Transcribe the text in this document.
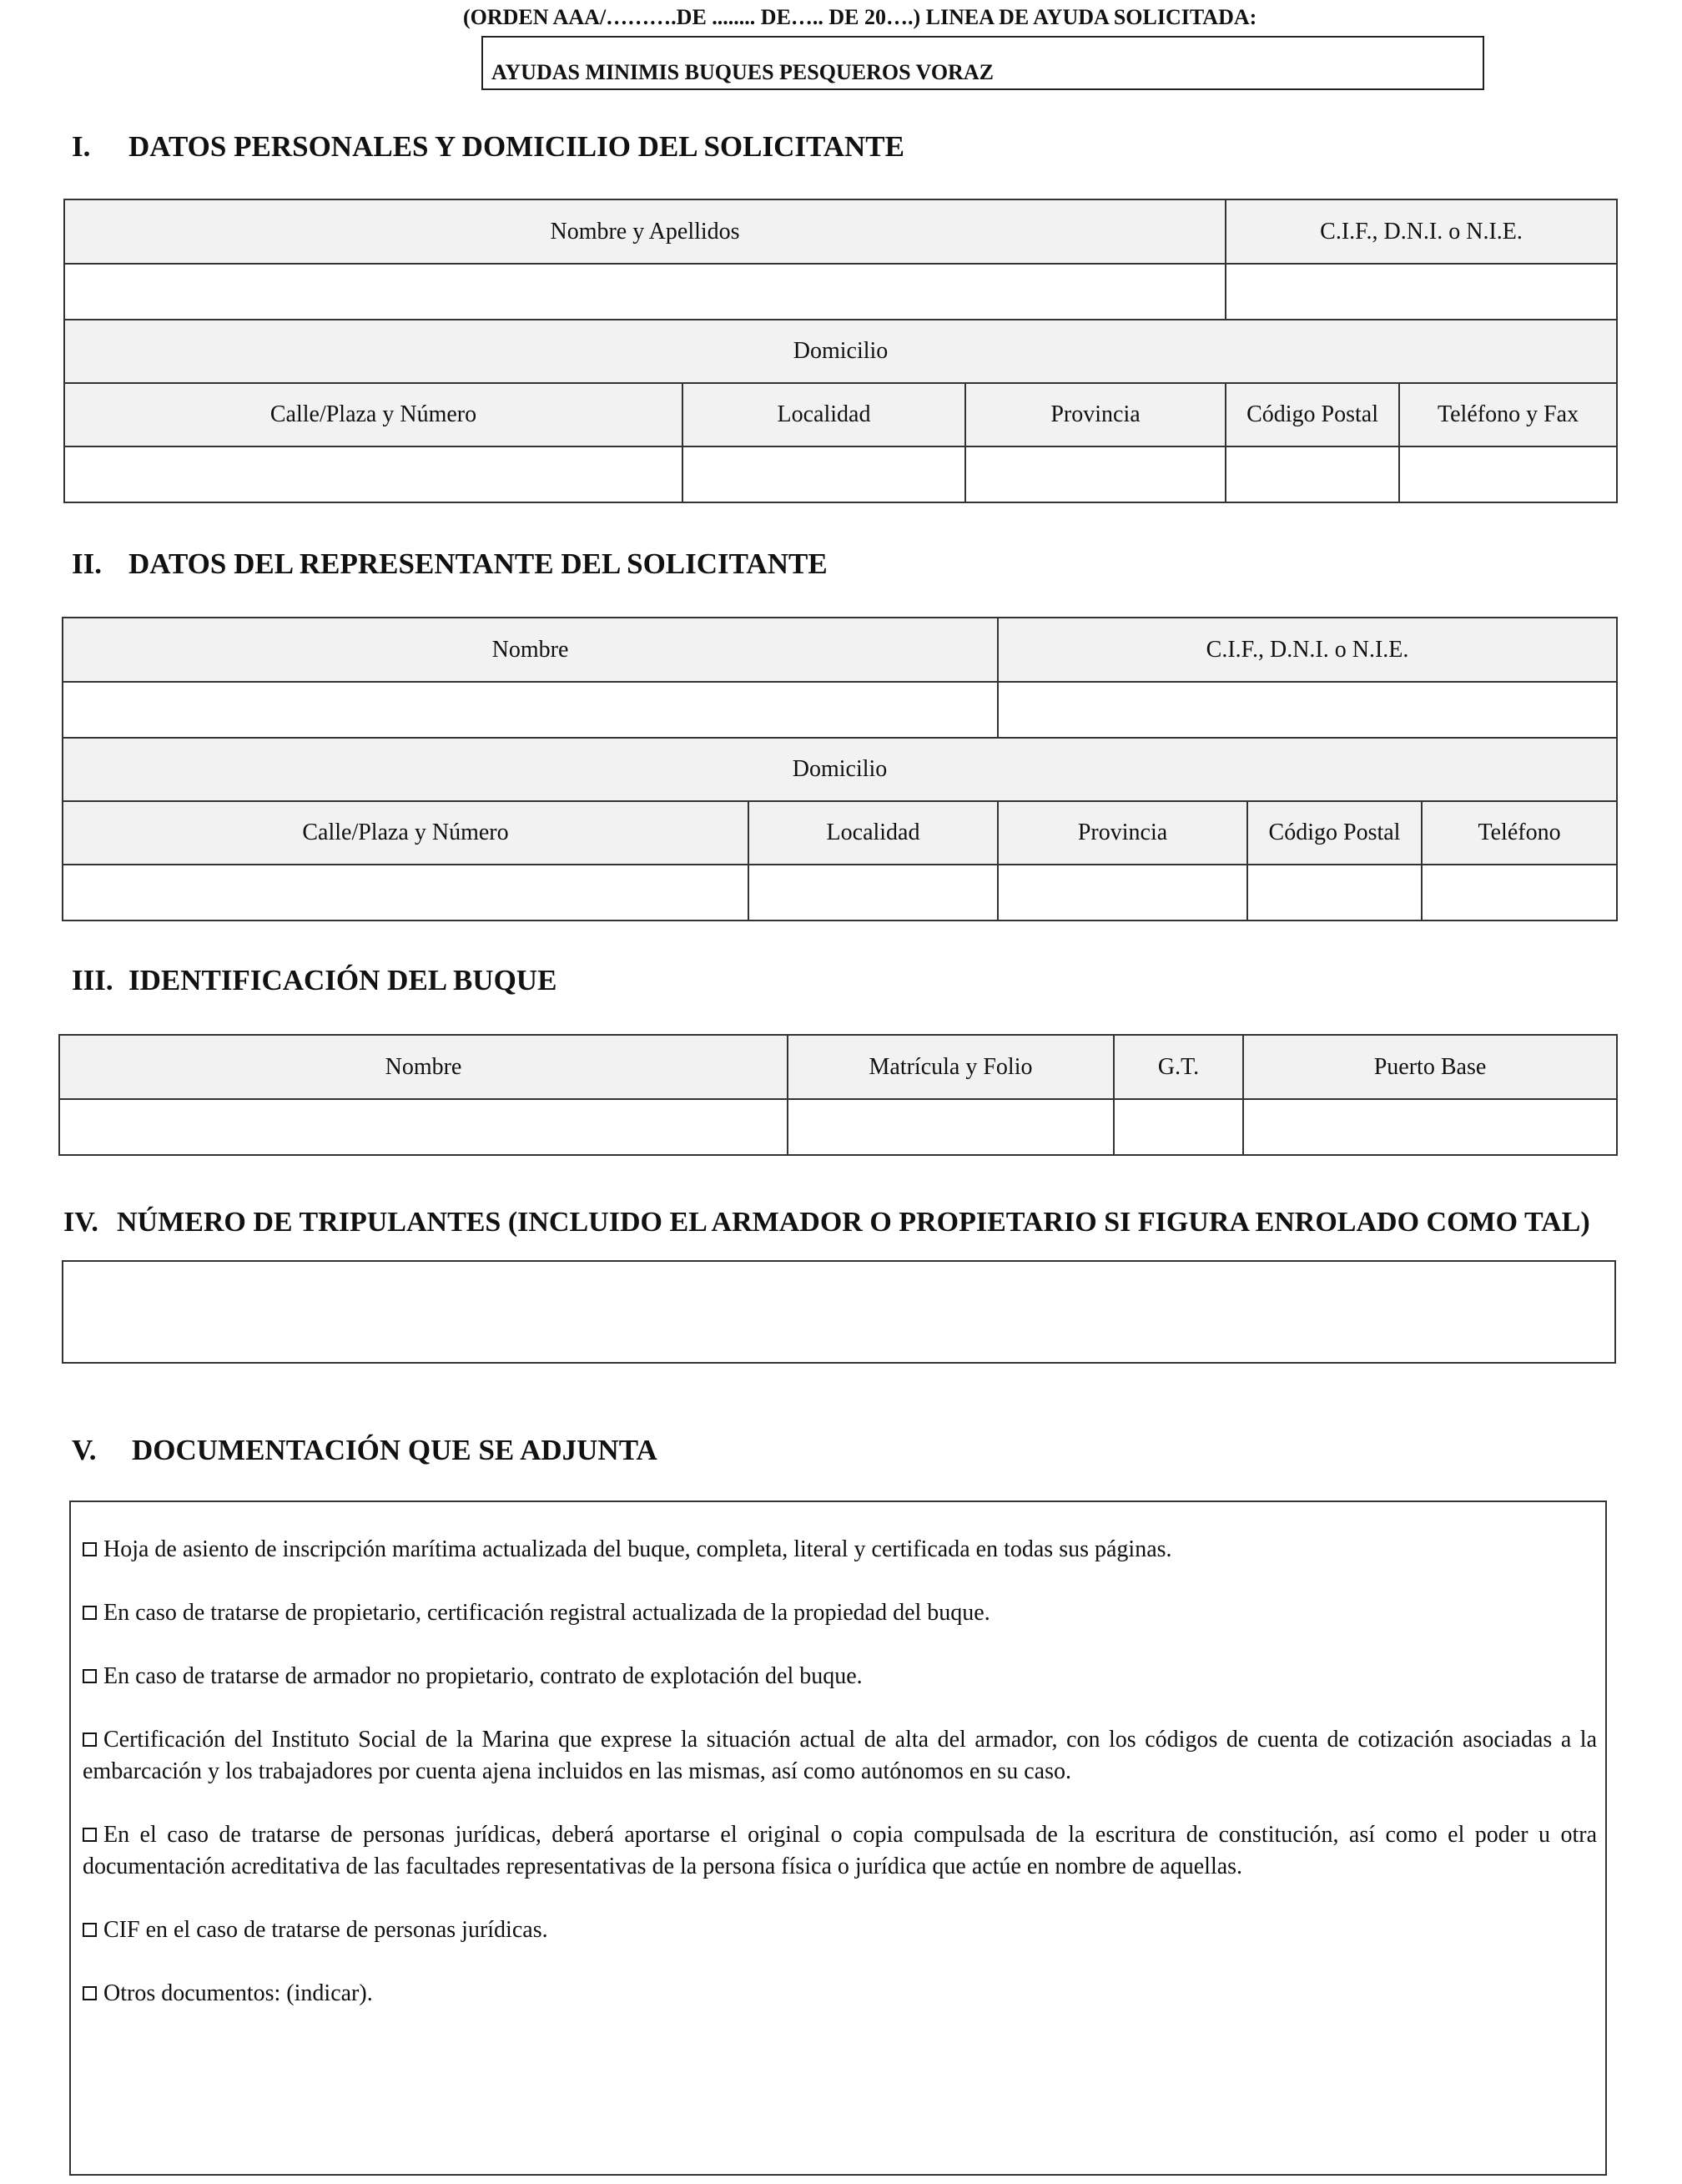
(ORDEN AAA/……….DE ........ DE….. DE 20….) LINEA DE AYUDA SOLICITADA:
AYUDAS MINIMIS BUQUES PESQUEROS VORAZ
I. DATOS PERSONALES Y DOMICILIO DEL SOLICITANTE
Nombre y Apellidos			C.I.F., D.N.I. o N.I.E.	

Domicilio				
Calle/Plaza y Número	Localidad	Provincia	Código Postal	Teléfono y Fax

II. DATOS DEL REPRESENTANTE DEL SOLICITANTE
Nombre		C.I.F., D.N.I. o N.I.E.		

Domicilio				
Calle/Plaza y Número	Localidad	Provincia	Código Postal	Teléfono

III. IDENTIFICACIÓN DEL BUQUE
Nombre	Matrícula y Folio	G.T.	Puerto Base

IV. NÚMERO DE TRIPULANTES (INCLUIDO EL ARMADOR O PROPIETARIO SI FIGURA ENROLADO COMO TAL)
V. DOCUMENTACIÓN QUE SE ADJUNTA
Hoja de asiento de inscripción marítima actualizada del buque, completa, literal y certificada en todas sus páginas.
En caso de tratarse de propietario, certificación registral actualizada de la propiedad del buque.
En caso de tratarse de armador no propietario, contrato de explotación del buque.
Certificación del Instituto Social de la Marina que exprese la situación actual de alta del armador, con los códigos de cuenta de cotización asociadas a la embarcación y los trabajadores por cuenta ajena incluidos en las mismas, así como autónomos en su caso.
En el caso de tratarse de personas jurídicas, deberá aportarse el original o copia compulsada de la escritura de constitución, así como el poder u otra documentación acreditativa de las facultades representativas de la persona física o jurídica que actúe en nombre de aquellas.
CIF en el caso de tratarse de personas jurídicas.
Otros documentos: (indicar).
